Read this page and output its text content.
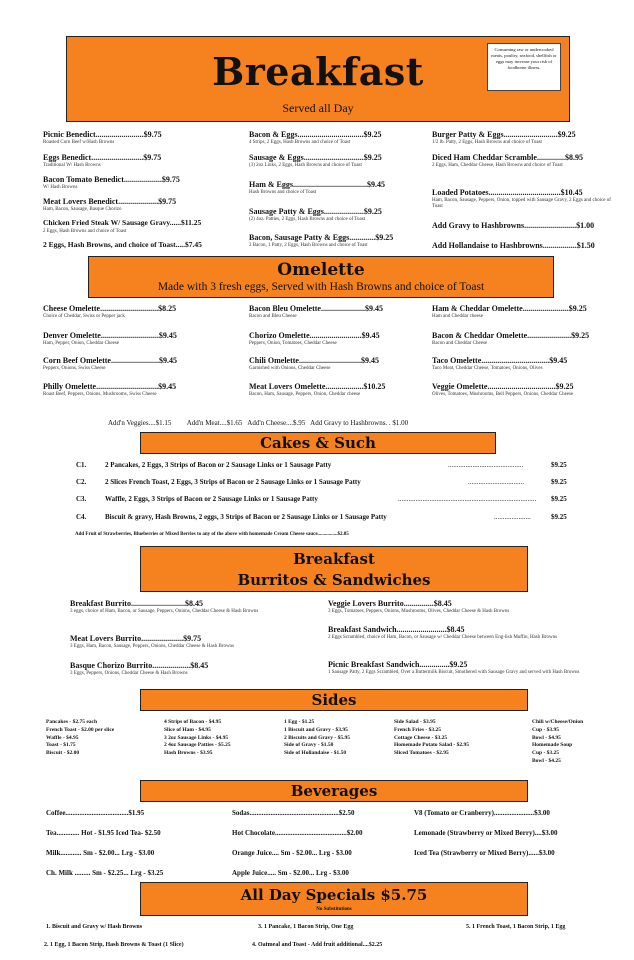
Breakfast
Served all Day
Consuming raw or undercooked meats, poultry, seafood, shellfish or eggs may increase your risk of foodborne illness.
Picnic Benedict........................$9.75
Roasted Corn Beef w/Hash Browns
Eggs Benedict..........................$9.75
Traditional W/ Hash Browns
Bacon Tomato Benedict...................$9.75
W/ Hash Browns
Meat Lovers Benedict....................$9.75
Ham, Bacon, Sausage, Basque Chorizo
Chicken Fried Steak W/ Sausage Gravy......$11.25
2 Eggs, Hash Browns and choice of Toast
2 Eggs, Hash Browns, and choice of Toast.....$7.45
Bacon & Eggs.................................$9.25
4 Strips, 2 Eggs, Hash Browns and choice of Toast
Sausage & Eggs..............................$9.25
(3) 2oz Links, 2 Eggs, Hash Browns and choice of Toast
Ham & Eggs.....................................$9.45
Hash Browns and choice of Toast
Sausage Patty & Eggs....................$9.25
(2) 4oz. Patties, 2 Eggs, Hash Browns and choice of Toast
Bacon, Sausage Patty & Eggs.............$9.25
2 Bacon, 1 Patty, 2 Eggs, Hash Browns and choice of Toast
Burger Patty & Eggs...........................$9.25
1/2 lb. Patty, 2 Eggs, Hash Browns and choice of Toast
Diced Ham Cheddar Scramble..............$8.95
2 Eggs, Ham, Cheddar Cheese, Hash Browns and choice of Toast
Loaded Potatoes....................................$10.45
Ham, Bacon, Sausage, Peppers, Onion, topped with Sausage Gravy, 2 Eggs and choice of Toast
Add Gravy to Hashbrowns..........................$1.00
Add Hollandaise to Hashbrowns.................$1.50
Omelette
Made with 3 fresh eggs, Served with Hash Browns and choice of Toast
Cheese Omelette.............................$8.25
Choice of Cheddar, Swiss or Pepper jack
Denver Omelette.............................$9.45
Ham, Pepper, Onion, Cheddar Cheese
Corn Beef Omelette........................$9.45
Peppers, Onions, Swiss Cheese
Philly Omelette...............................$9.45
Roast Beef, Peppers, Onions, Mushrooms, Swiss Cheese
Bacon Bleu Omelette......................$9.45
Bacon and Bleu Cheese
Chorizo Omelette..........................$9.45
Peppers, Onion, Tomatoes, Cheddar Cheese
Chili Omelette...............................$9.45
Garnished with Onions, Cheddar Cheese
Meat Lovers Omelette...................$10.25
Bacon, Ham, Sausage, Peppers, Onion, Cheddar cheese
Ham & Cheddar Omelette.......................$9.25
Ham and Cheddar cheese
Bacon & Cheddar Omelette......................$9.25
Bacon and Cheddar Cheese
Taco Omelette..................................$9.45
Taco Meat, Cheddar Cheese, Tomatoes, Onions, Olives
Veggie Omelette..................................$9.25
Olives, Tomatoes, Mushrooms, Bell Peppers, Onions, Cheddar Cheese
Add'n Veggies....$1.15         Add'n Meat....$1.65   Add'n Cheese....$.95   Add Gravy to Hashbrowns. . $1.00
Cakes & Such
C1.	2 Pancakes, 2 Eggs, 3 Strips of Bacon or 2 Sausage Links or 1 Sausage Patty	...........................................	$9.25
C2.	2 Slices French Toast, 2 Eggs, 3 Strips of Bacon or 2 Sausage Links or 1 Sausage Patty	................................	$9.25
C3.	Waffle, 2 Eggs, 3 Strips of Bacon or 2 Sausage Links or 1 Sausage Patty	............................................................................... $9.25
C4.	Biscuit & gravy, Hash Browns, 2 eggs, 3 Strips of Bacon or 2 Sausage Links or 1 Sausage Patty	.....................	$9.25
Add Fruit of Strawberries, Blueberries or Mixed Berries to any of the above with homemade Cream Cheese sauce................$2.85
Breakfast
Burritos & Sandwiches
Breakfast Burrito...........................$8.45
3 eggs, choice of Ham, Bacon, or Sausage, Peppers, Onions, Cheddar Cheese & Hash Browns
Meat Lovers Burrito.....................$9.75
3 Eggs, Ham, Bacon, Sausage, Peppers, Onions, Cheddar Cheese & Hash Browns
Basque Chorizo Burrito...................$8.45
3 Eggs, Peppers, Onions, Cheddar Cheese & Hash Browns
Veggie Lovers Burrito...............$8.45
3 Eggs, Tomatoes, Peppers, Onions, Mushrooms, Olives, Cheddar Cheese & Hash Browns
Breakfast Sandwich.........................$8.45
2 Eggs Scrambled, choice of Ham, Bacon, or Sausage w/ Cheddar Cheese between Eng-lish Muffin, Hash Browns
Picnic Breakfast Sandwich...............$9.25
1 Sausage Patty, 2 Eggs Scrambled, Over a Buttermilk Biscuit, Smothered with Sausage Gravy and served with Hash Browns
Sides
Pancakes - $2.75 each
French Toast - $2.00 per slice
Waffle - $4.95
Toast - $1.75
Biscuit - $2.00
4 Strips of Bacon - $4.95
Slice of Ham - $4.95
3 2oz Sausage Links - $4.95
2 4oz Sausage Patties - $5.25
Hash Browns - $3.95
1 Egg - $1.25
1 Biscuit and Gravy - $3.95
2 Biscuits and Gravy - $5.95
Side of Gravy - $1.50
Side of Hollandaise - $1.50
Side Salad - $3.95
French Fries - $3.25
Cottage Cheese - $3.25
Homemade Potato Salad - $2.95
Sliced Tomatoes - $2.95
Chili w/Cheese/Onion
Cup - $3.95
Bowl - $4.95
Homemade Soup
Cup - $3.25
Bowl - $4.25
Beverages
Coffee....................................$1.95	Sodas...................................................$2.50	V8 (Tomato or Cranberry).......................$3.00
Tea............. Hot - $1.95 Iced Tea- $2.50	Hot Chocolate.........................................$2.00	Lemonade (Strawberry or Mixed Berry)....$3.00
Milk............ Sm - $2.00... Lrg - $3.00	Orange Juice.... Sm - $2.00... Lrg - $3.00	Iced Tea (Strawberry or Mixed Berry)......$3.00
Ch. Milk ......... Sm - $2.25... Lrg - $3.25	Apple Juice..... Sm - $2.00... Lrg - $3.00
All Day Specials $5.75
No Substitutions
1. Biscuit and Gravy w/ Hash Browns	3. 1 Pancake, 1 Bacon Strip, One Egg	5. 1 French Toast, 1 Bacon Strip, 1 Egg
2. 1 Egg, 1 Bacon Strip, Hash Browns & Toast (1 Slice)	4. Oatmeal and Toast - Add fruit additional....$2.25
